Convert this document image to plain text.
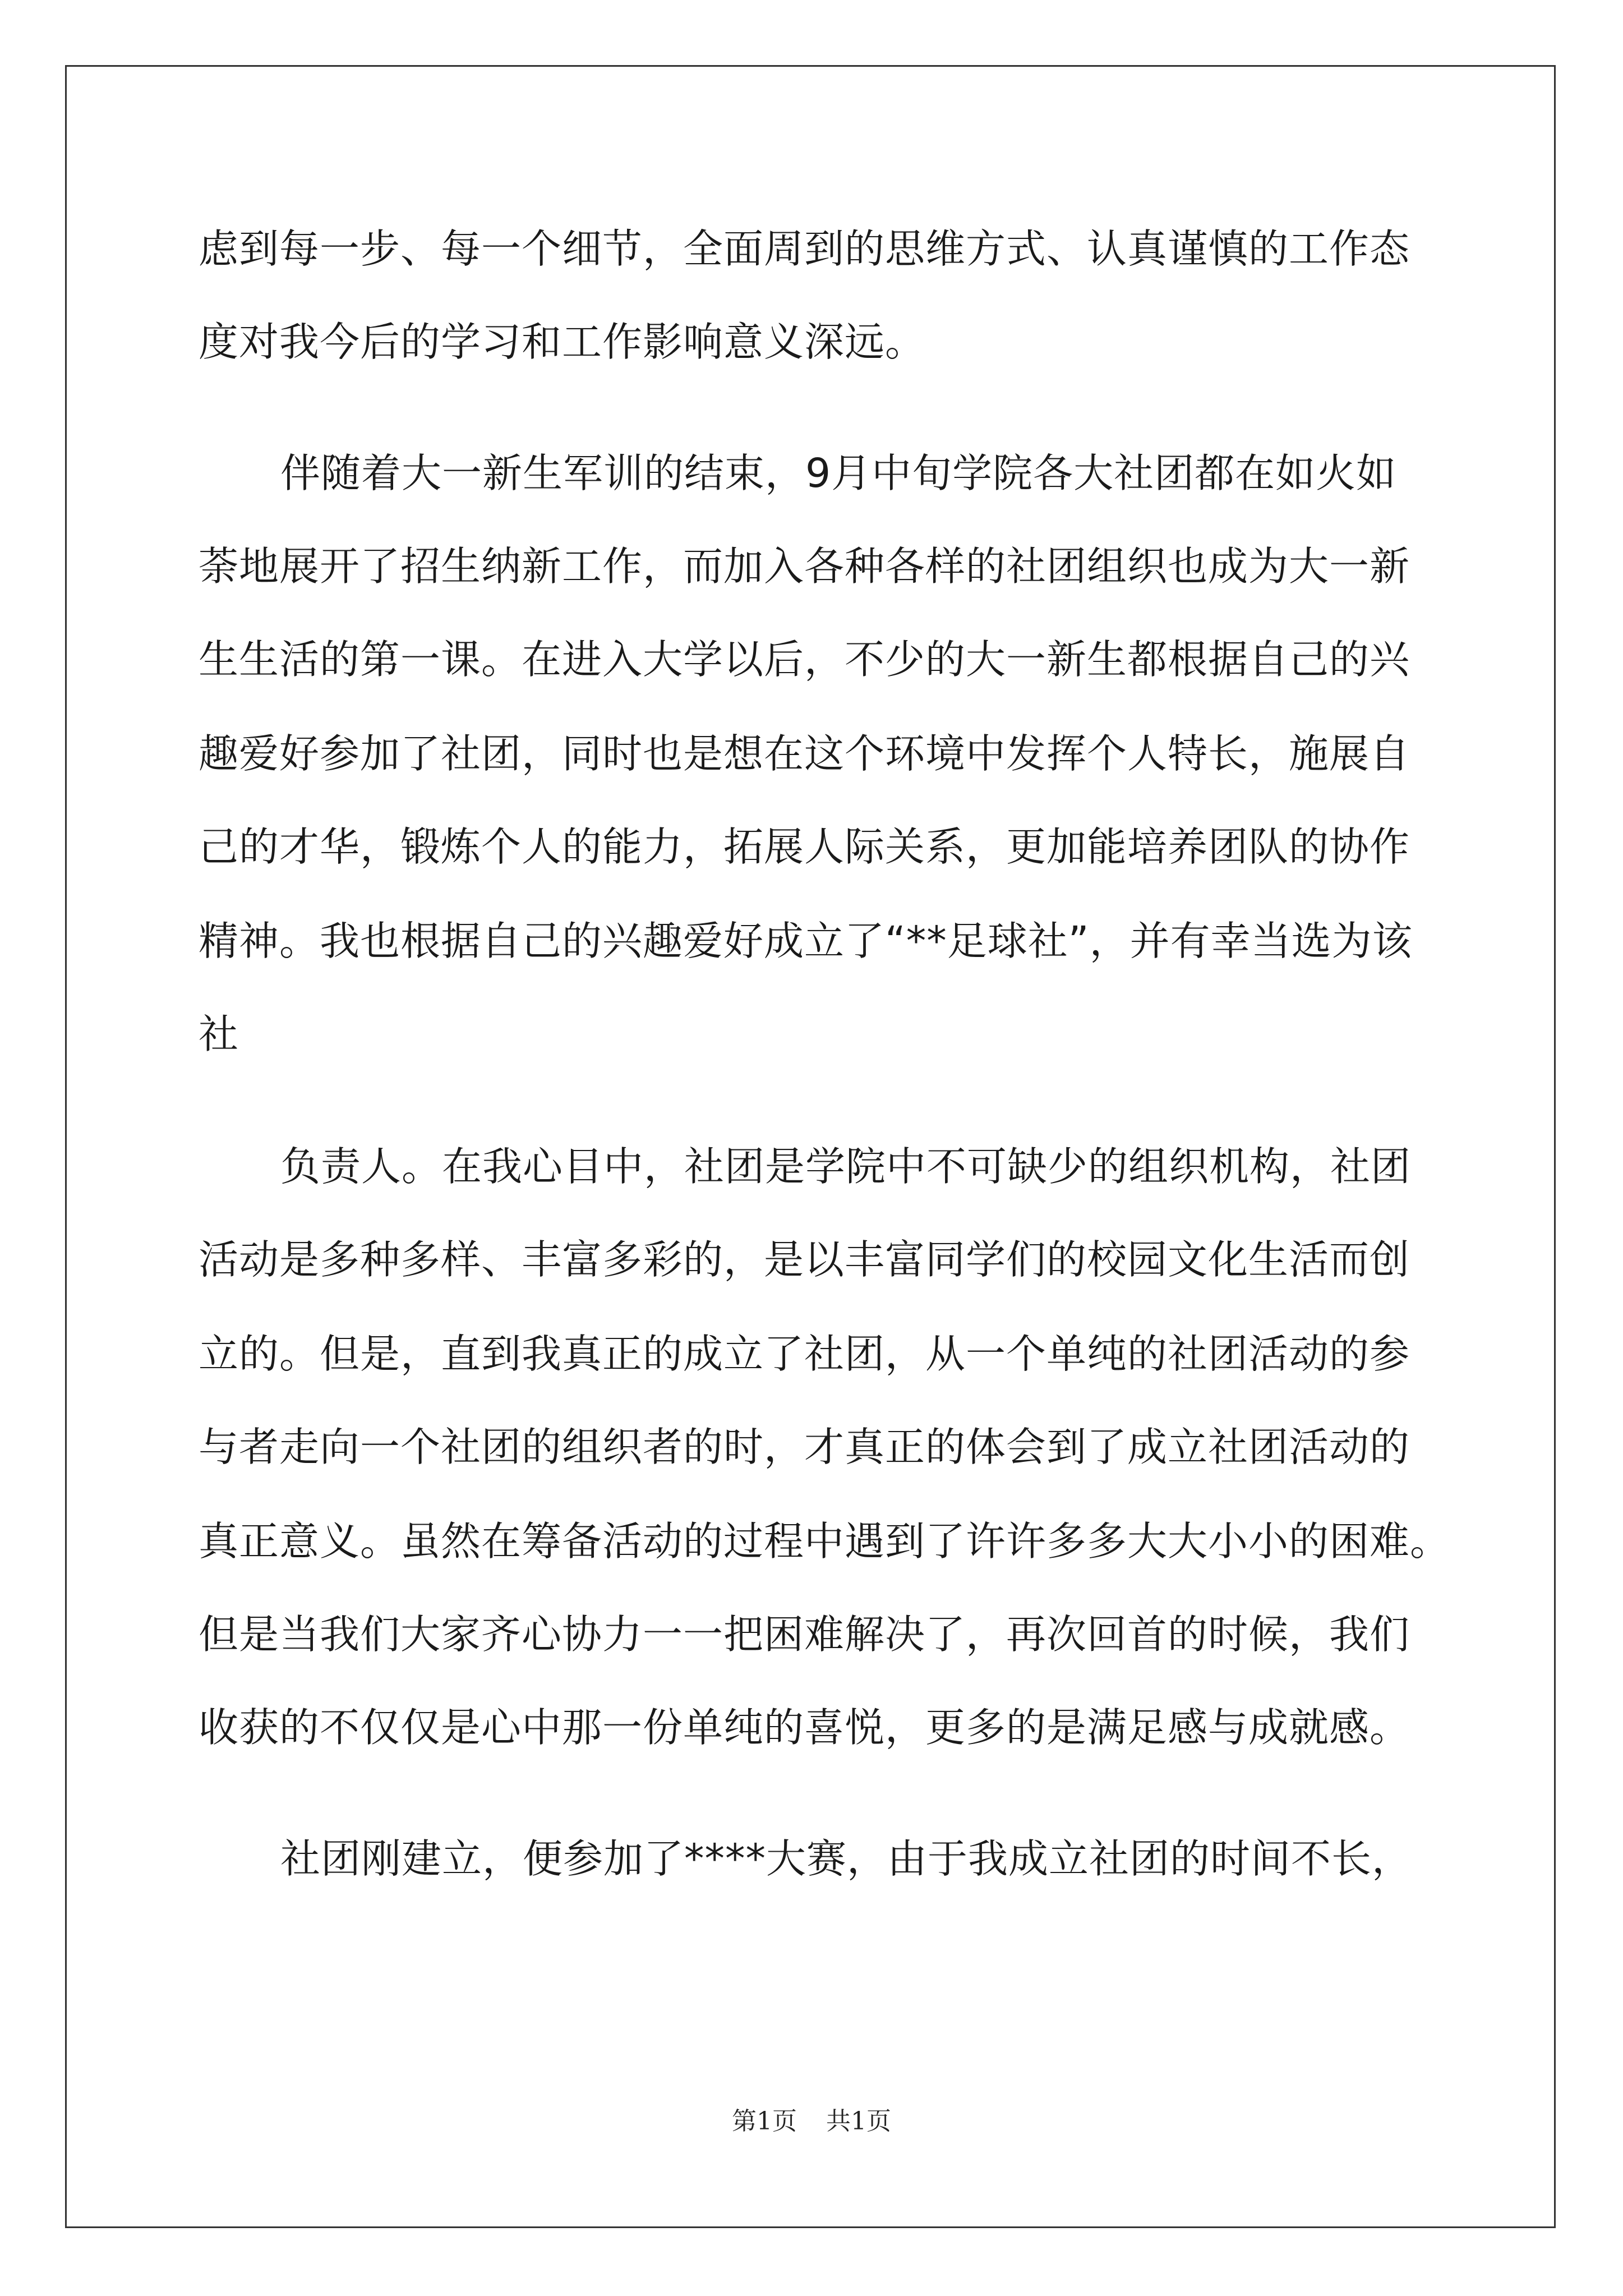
虑到每一步、每一个细节，全面周到的思维方式、认真谨慎的工作态
度对我今后的学习和工作影响意义深远。
伴随着大一新生军训的结束，9月中旬学院各大社团都在如火如
荼地展开了招生纳新工作，而加入各种各样的社团组织也成为大一新
生生活的第一课。在进入大学以后，不少的大一新生都根据自己的兴
趣爱好参加了社团，同时也是想在这个环境中发挥个人特长，施展自
己的才华，锻炼个人的能力，拓展人际关系，更加能培养团队的协作
精神。我也根据自己的兴趣爱好成立了“**足球社”，并有幸当选为该
社
负责人。在我心目中，社团是学院中不可缺少的组织机构，社团
活动是多种多样、丰富多彩的，是以丰富同学们的校园文化生活而创
立的。但是，直到我真正的成立了社团，从一个单纯的社团活动的参
与者走向一个社团的组织者的时，才真正的体会到了成立社团活动的
真正意义。虽然在筹备活动的过程中遇到了许许多多大大小小的困难。
但是当我们大家齐心协力一一把困难解决了，再次回首的时候，我们
收获的不仅仅是心中那一份单纯的喜悦，更多的是满足感与成就感。
社团刚建立，便参加了****大赛，由于我成立社团的时间不长，
第1页 共1页
